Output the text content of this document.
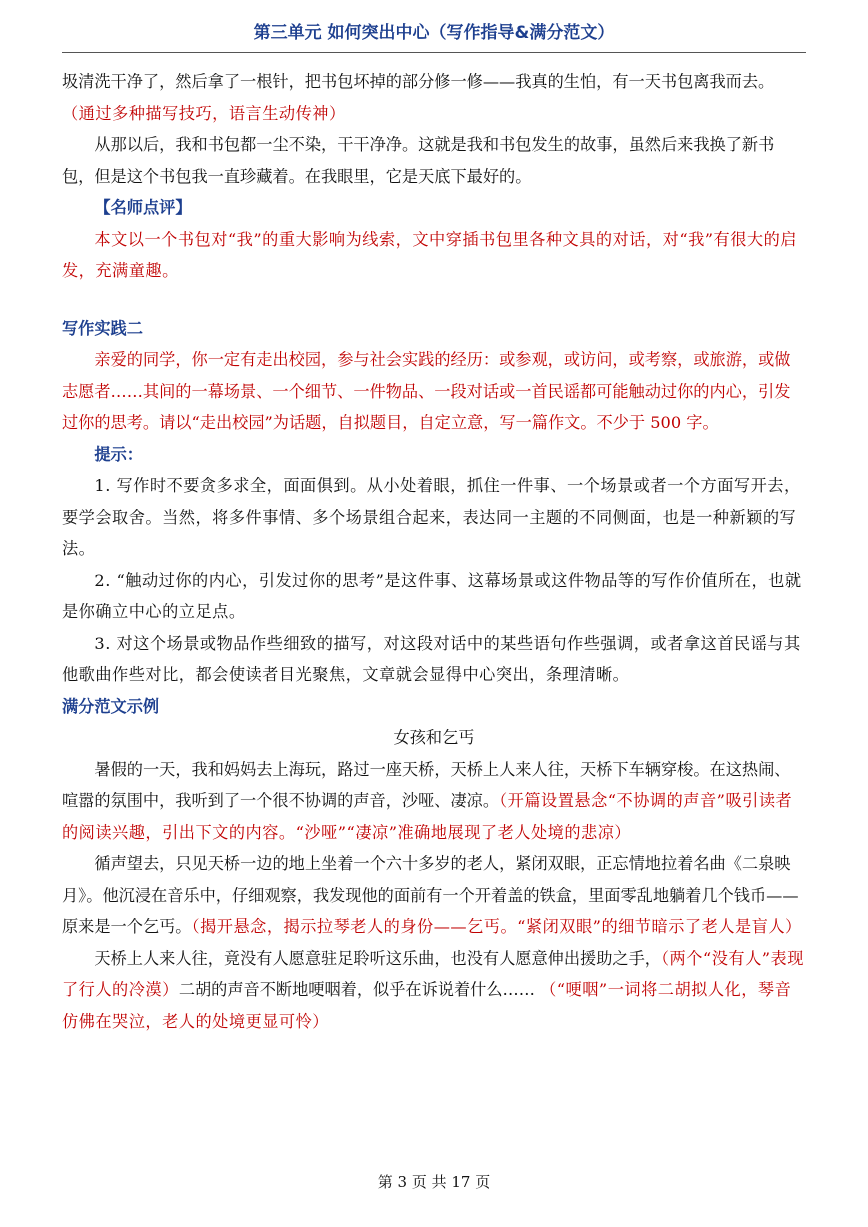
第三单元 如何突出中心（写作指导&满分范文）

圾清洗干净了，然后拿了一根针，把书包坏掉的部分修一修——我真的生怕，有一天书包离我而去。

（通过多种描写技巧，语言生动传神）

从那以后，我和书包都一尘不染，干干净净。这就是我和书包发生的故事，虽然后来我换了新书包，但是这个书包我一直珍藏着。在我眼里，它是天底下最好的。

【名师点评】

本文以一个书包对“我”的重大影响为线索，文中穿插书包里各种文具的对话，对“我”有很大的启发，充满童趣。

写作实践二

亲爱的同学，你一定有走出校园，参与社会实践的经历：或参观，或访问，或考察，或旅游，或做志愿者……其间的一幕场景、一个细节、一件物品、一段对话或一首民谣都可能触动过你的内心，引发过你的思考。请以“走出校园”为话题，自拟题目，自定立意，写一篇作文。不少于 500 字。

提示：

1. 写作时不要贪多求全，面面俱到。从小处着眼，抓住一件事、一个场景或者一个方面写开去，要学会取舍。当然，将多件事情、多个场景组合起来，表达同一主题的不同侧面，也是一种新颖的写法。

2. “触动过你的内心，引发过你的思考”是这件事、这幕场景或这件物品等的写作价值所在，也就是你确立中心的立足点。

3. 对这个场景或物品作些细致的描写，对这段对话中的某些语句作些强调，或者拿这首民谣与其他歌曲作些对比，都会使读者目光聚焦，文章就会显得中心突出，条理清晰。

满分范文示例

女孩和乞丐

暑假的一天，我和妈妈去上海玩，路过一座天桥，天桥上人来人往，天桥下车辆穿梭。在这热闹、喧嚣的氛围中，我听到了一个很不协调的声音，沙哑、凄凉。（开篇设置悬念“不协调的声音”吸引读者的阅读兴趣，引出下文的内容。“沙哑”“凄凉”准确地展现了老人处境的悲凉）

循声望去，只见天桥一边的地上坐着一个六十多岁的老人，紧闭双眼，正忘情地拉着名曲《二泉映月》。他沉浸在音乐中，仔细观察，我发现他的面前有一个开着盖的铁盒，里面零乱地躺着几个钱币——原来是一个乞丐。（揭开悬念，揭示拉琴老人的身份——乞丐。“紧闭双眼”的细节暗示了老人是盲人）

天桥上人来人往，竟没有人愿意驻足聆听这乐曲，也没有人愿意伸出援助之手，（两个“没有人”表现了行人的冷漠）二胡的声音不断地哽咽着，似乎在诉说着什么…… （“哽咽”一词将二胡拟人化，琴音仿佛在哭泣，老人的处境更显可怜）

第 3 页 共 17 页
